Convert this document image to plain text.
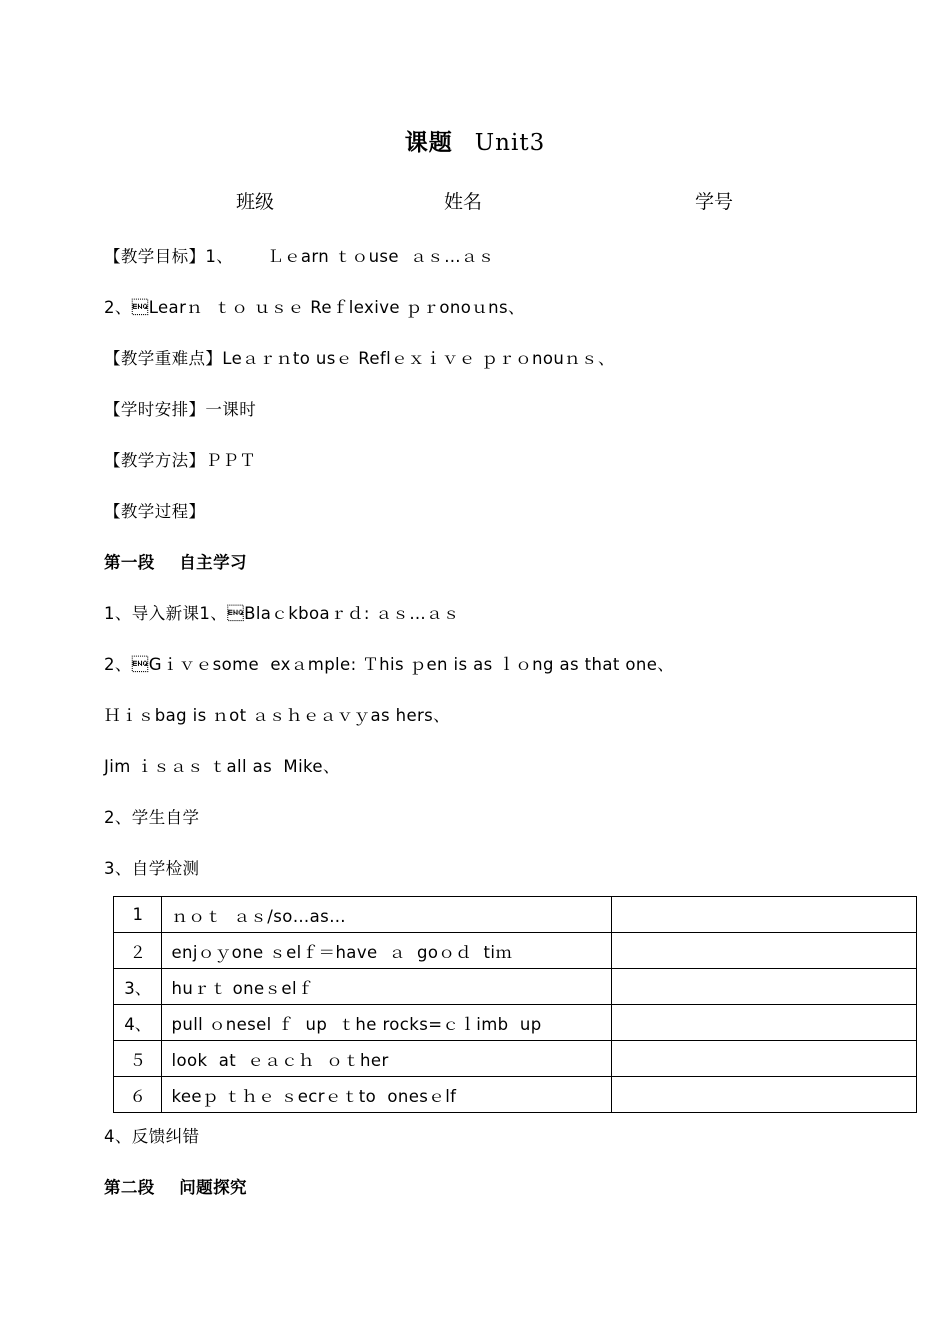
课题 Unit3
班级	姓名	学号
【教学目标】1、      Ｌｅarn ｔｏuse  ａｓ…ａｓ
2、Learｎ  ｔｏ ｕｓｅ Reｆlexive ｐｒonoｕns、
【教学重难点】Leａｒｎto usｅ Reflｅｘｉｖｅ ｐｒｏnouｎｓ、
【学时安排】一课时
【教学方法】ＰＰＴ
【教学过程】
第一段    自主学习
1、导入新课1、Blaｃkboaｒｄ: ａｓ…ａｓ
2、Gｉｖｅsome  exａmple: Ｔhis ｐen is as ｌｏng as that one、
Ｈｉｓbag is ｎot ａｓｈｅａｖｙas hers、
Jim ｉｓａｓ ｔall as  Mike、
2、学生自学
3、自学检测
1	ｎｏｔ  ａｓ/so…as…	
２	enjｏｙone ｓelｆ＝have  ａ  goｏｄ  tiｍ	
3、	huｒｔ oneｓelｆ	
4、	pull ｏnesel ｆ  up  ｔhe rocks=ｃｌimb  up	
５	look  at  ｅａｃｈ  ｏｔher	
６	keeｐ ｔｈｅ ｓecrｅｔto  onesｅlf	
4、反馈纠错
第二段    问题探究
